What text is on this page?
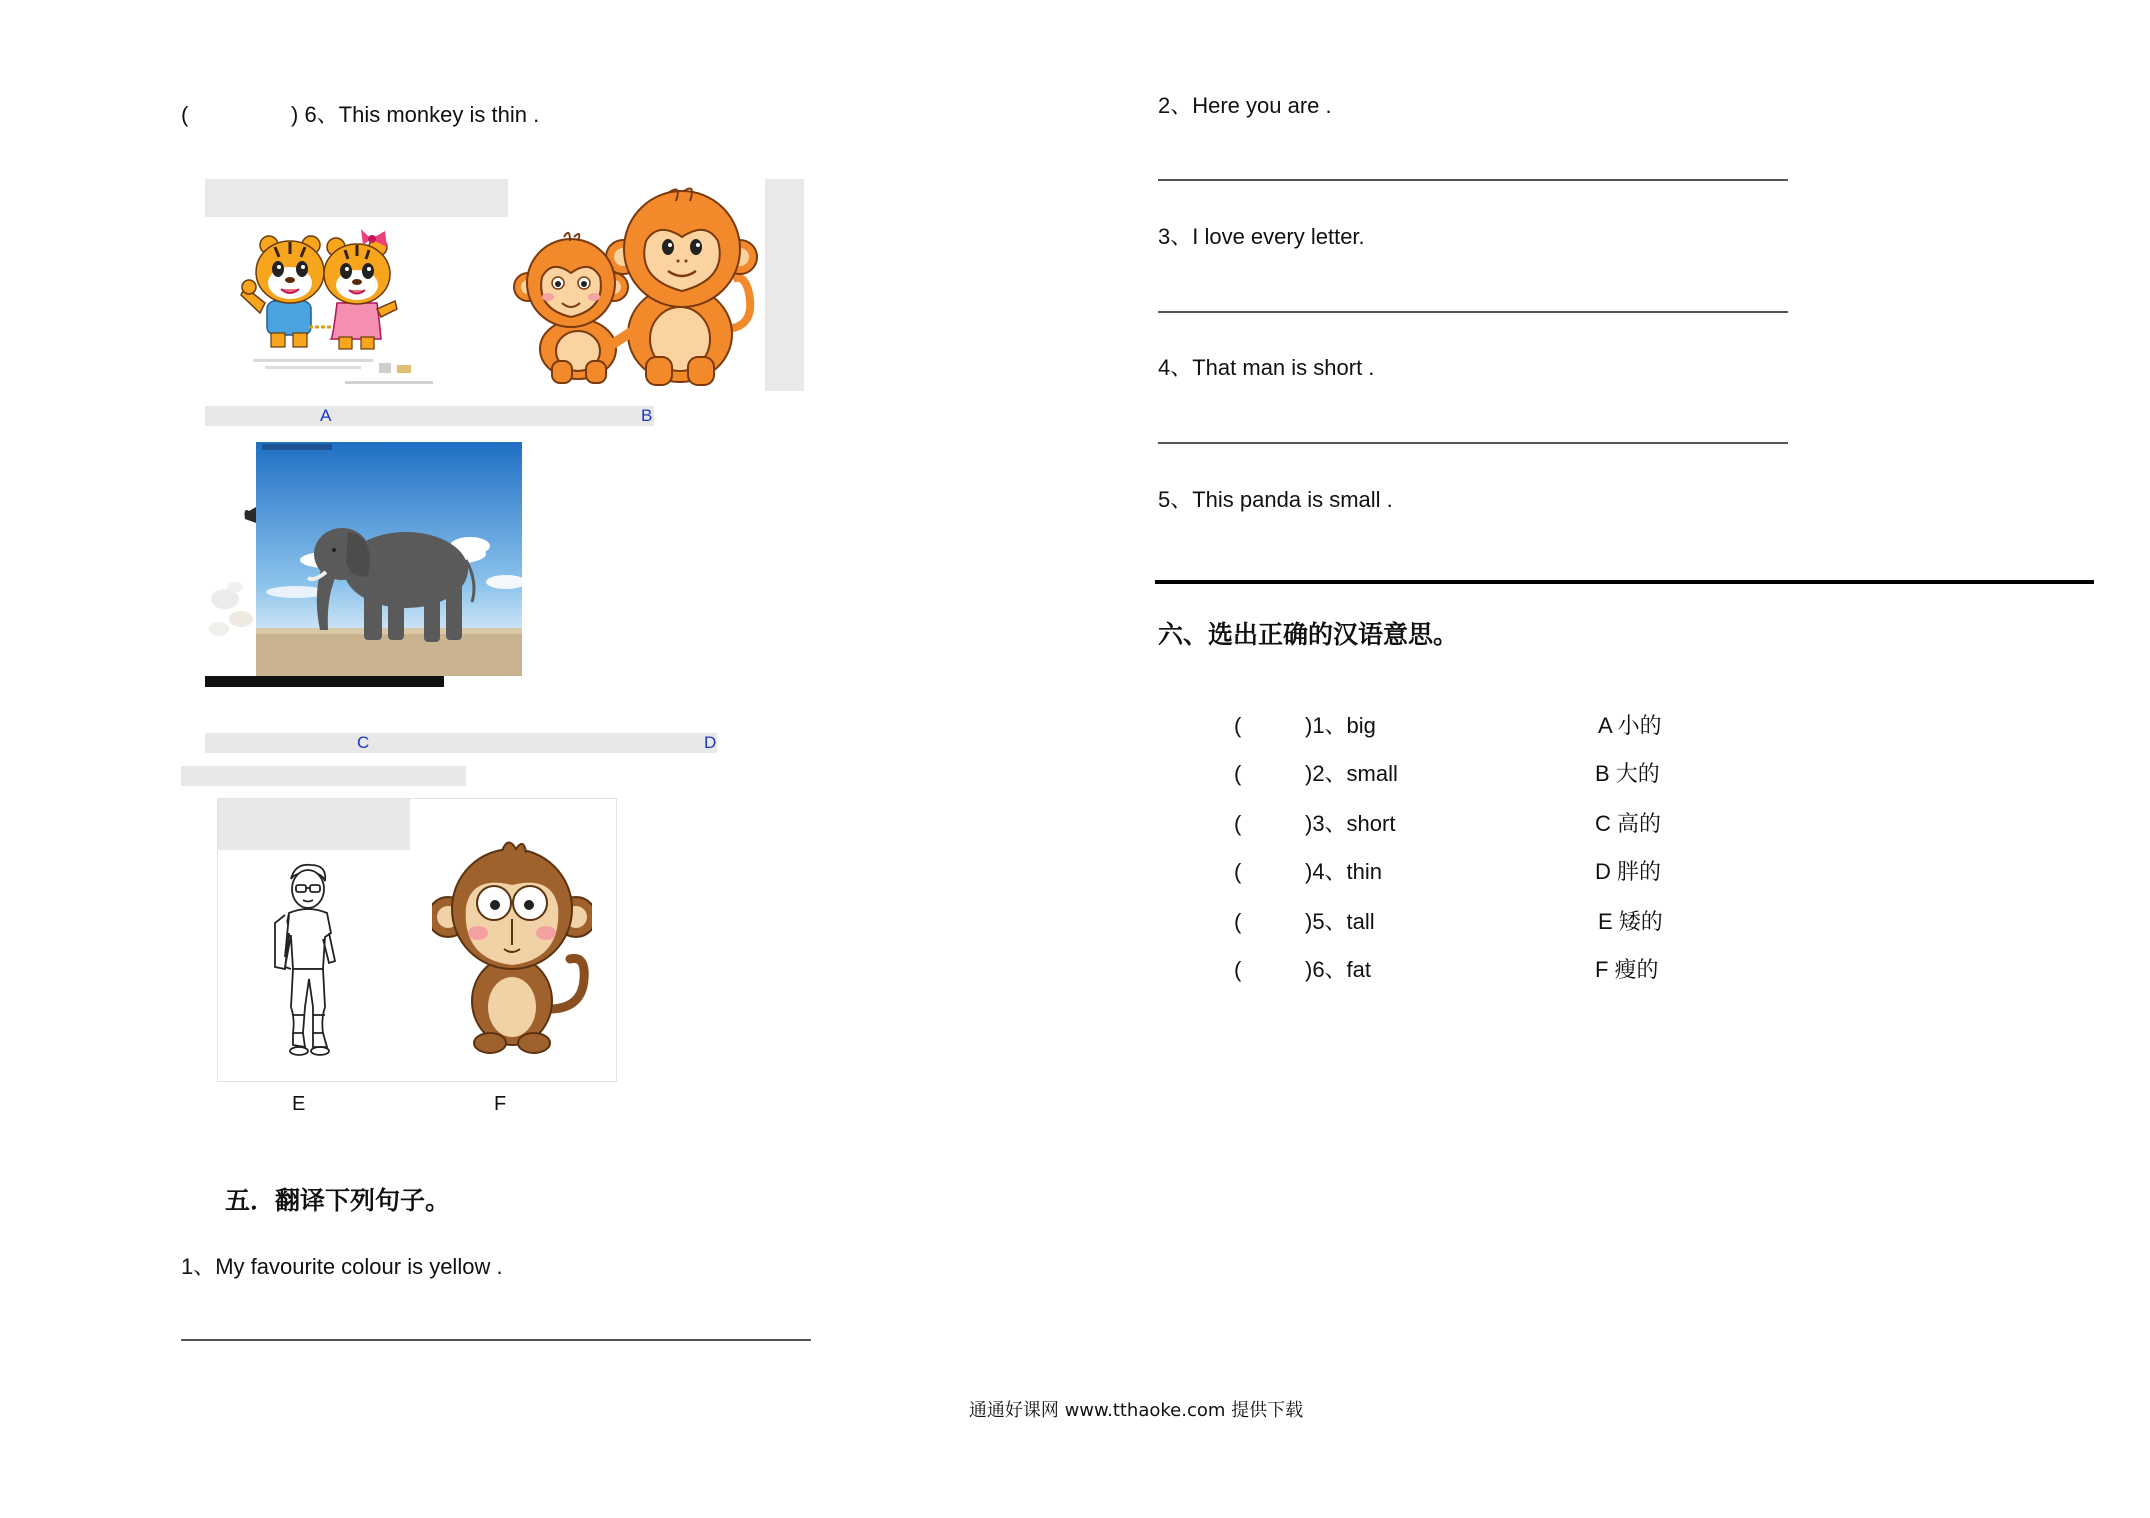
(	) 6、This monkey is thin .
A	B
C	D
E	F
五．翻译下列句子。
1、My favourite colour is yellow .
2、Here you are .
3、I love every letter.
4、That man is short .
5、This panda is small .
六、选出正确的汉语意思。
(	)1、big	A 小的
(	)2、small	B 大的
(	)3、short	C 高的
(	)4、thin	D 胖的
(	)5、tall	E 矮的
(	)6、fat	F 瘦的
通通好课网 www.tthaoke.com 提供下载
